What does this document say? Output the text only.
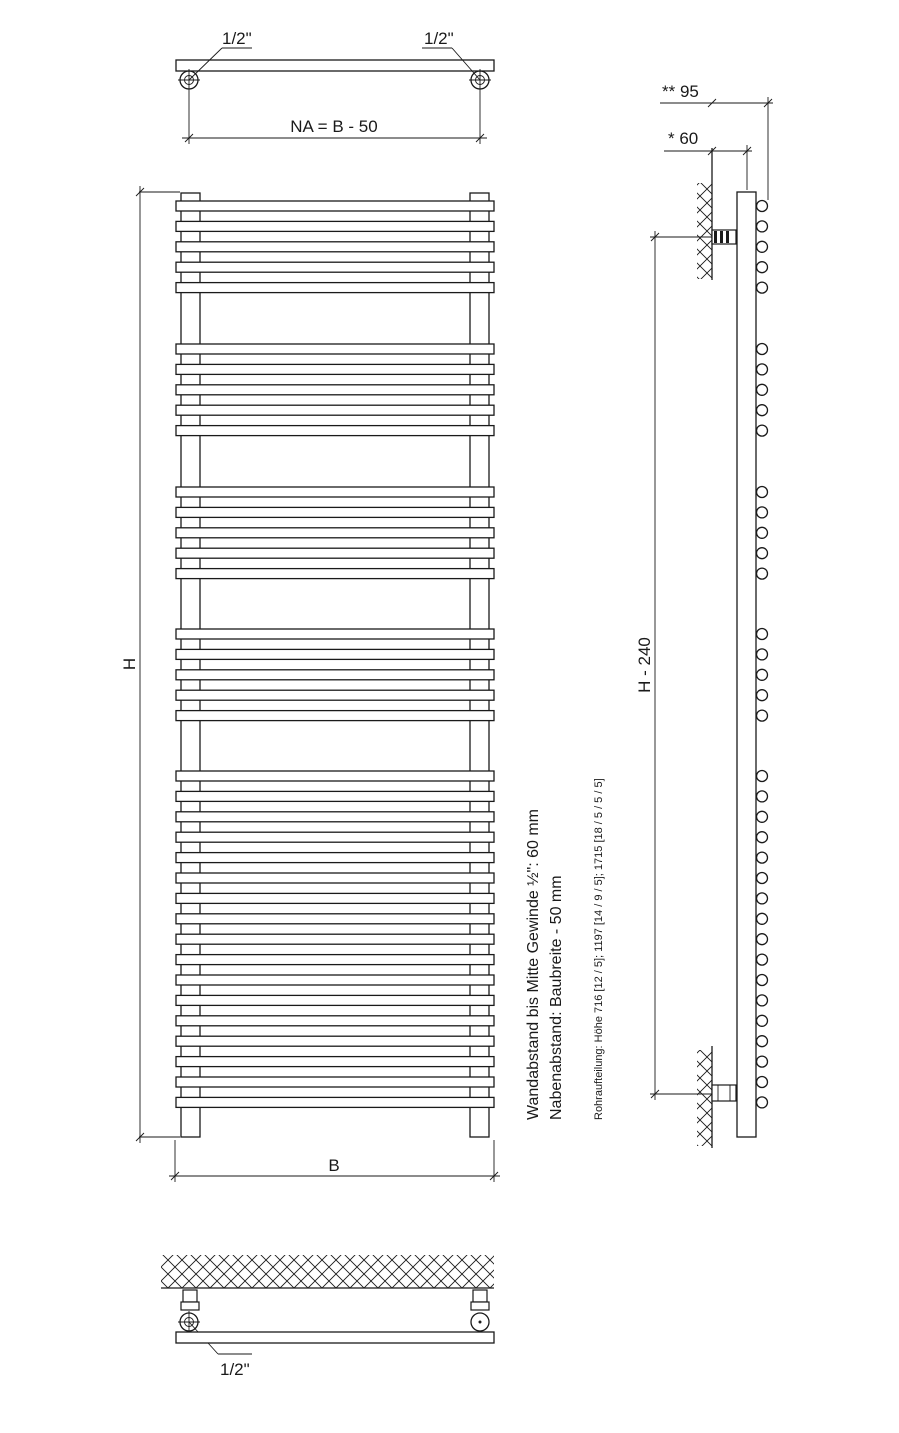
1/2"	1/2"
NA = B - 50
H
B
Wandabstand bis Mitte Gewinde ½": 60 mm Nabenabstand: Baubreite - 50 mm	Rohraufteilung: Höhe 716 [12 / 5]; 1197 [14 / 9 / 5]; 1715 [18 / 5 / 5 / 5]
H - 240
** 95
* 60
1/2"
